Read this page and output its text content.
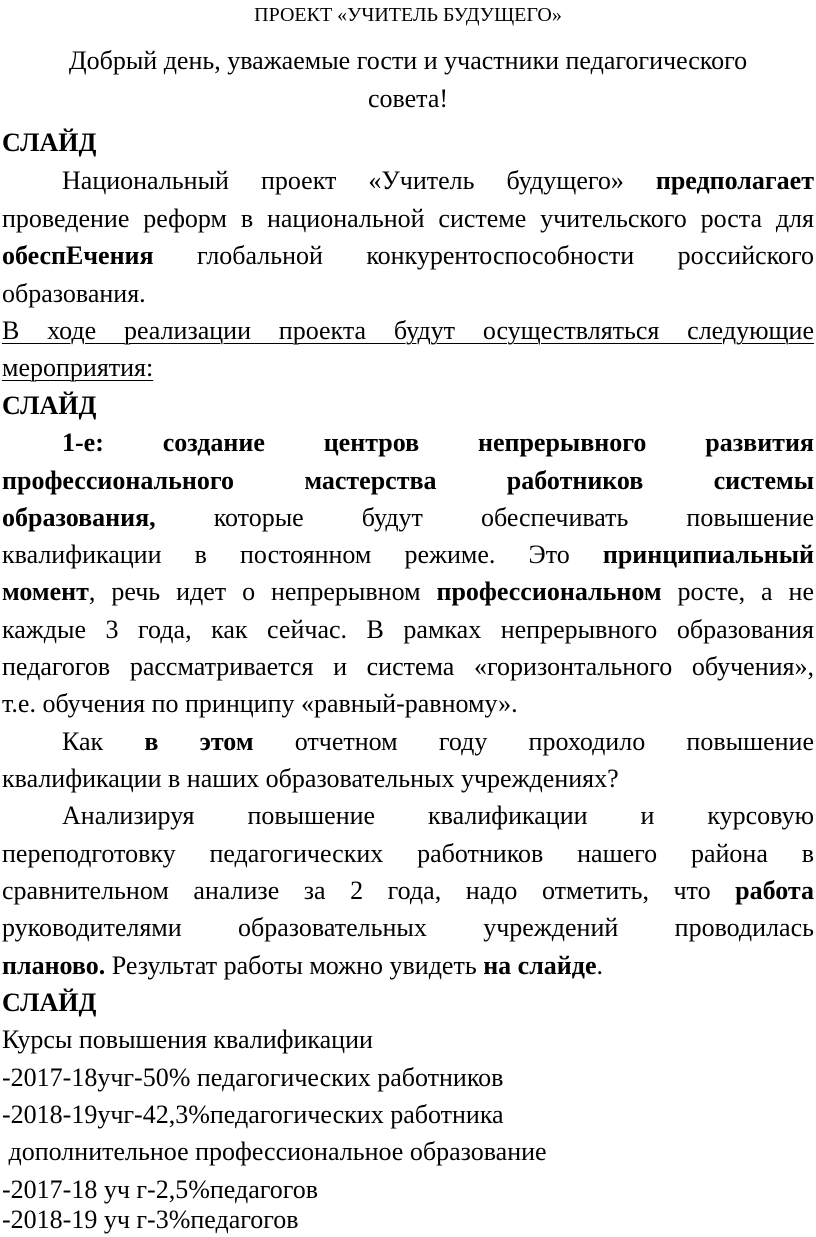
ПРОЕКТ «УЧИТЕЛЬ БУДУЩЕГО»
Добрый день, уважаемые гости и участники педагогического
совета!
СЛАЙД
Национальный проект «Учитель будущего» предполагает
проведение реформ в национальной системе учительского роста для
обеспЕчения глобальной конкурентоспособности российского
образования.
В ходе реализации проекта будут осуществляться следующие
мероприятия:
СЛАЙД
1-е: создание центров непрерывного развития
профессионального мастерства работников системы
образования, которые будут обеспечивать повышение
квалификации в постоянном режиме. Это принципиальный
момент, речь идет о непрерывном профессиональном росте, а не
каждые 3 года, как сейчас. В рамках непрерывного образования
педагогов рассматривается и система «горизонтального обучения»,
т.е. обучения по принципу «равный-равному».
Как в этом отчетном году проходило повышение
квалификации в наших образовательных учреждениях?
Анализируя повышение квалификации и курсовую
переподготовку педагогических работников нашего района в
сравнительном анализе за 2 года, надо отметить, что работа
руководителями образовательных учреждений проводилась
планово. Результат работы можно увидеть на слайде.
СЛАЙД
Курсы повышения квалификации
-2017-18учг-50% педагогических работников
-2018-19учг-42,3%педагогических работника
дополнительное профессиональное образование
-2017-18 уч г-2,5%педагогов
-2018-19 уч г-3%педагогов
